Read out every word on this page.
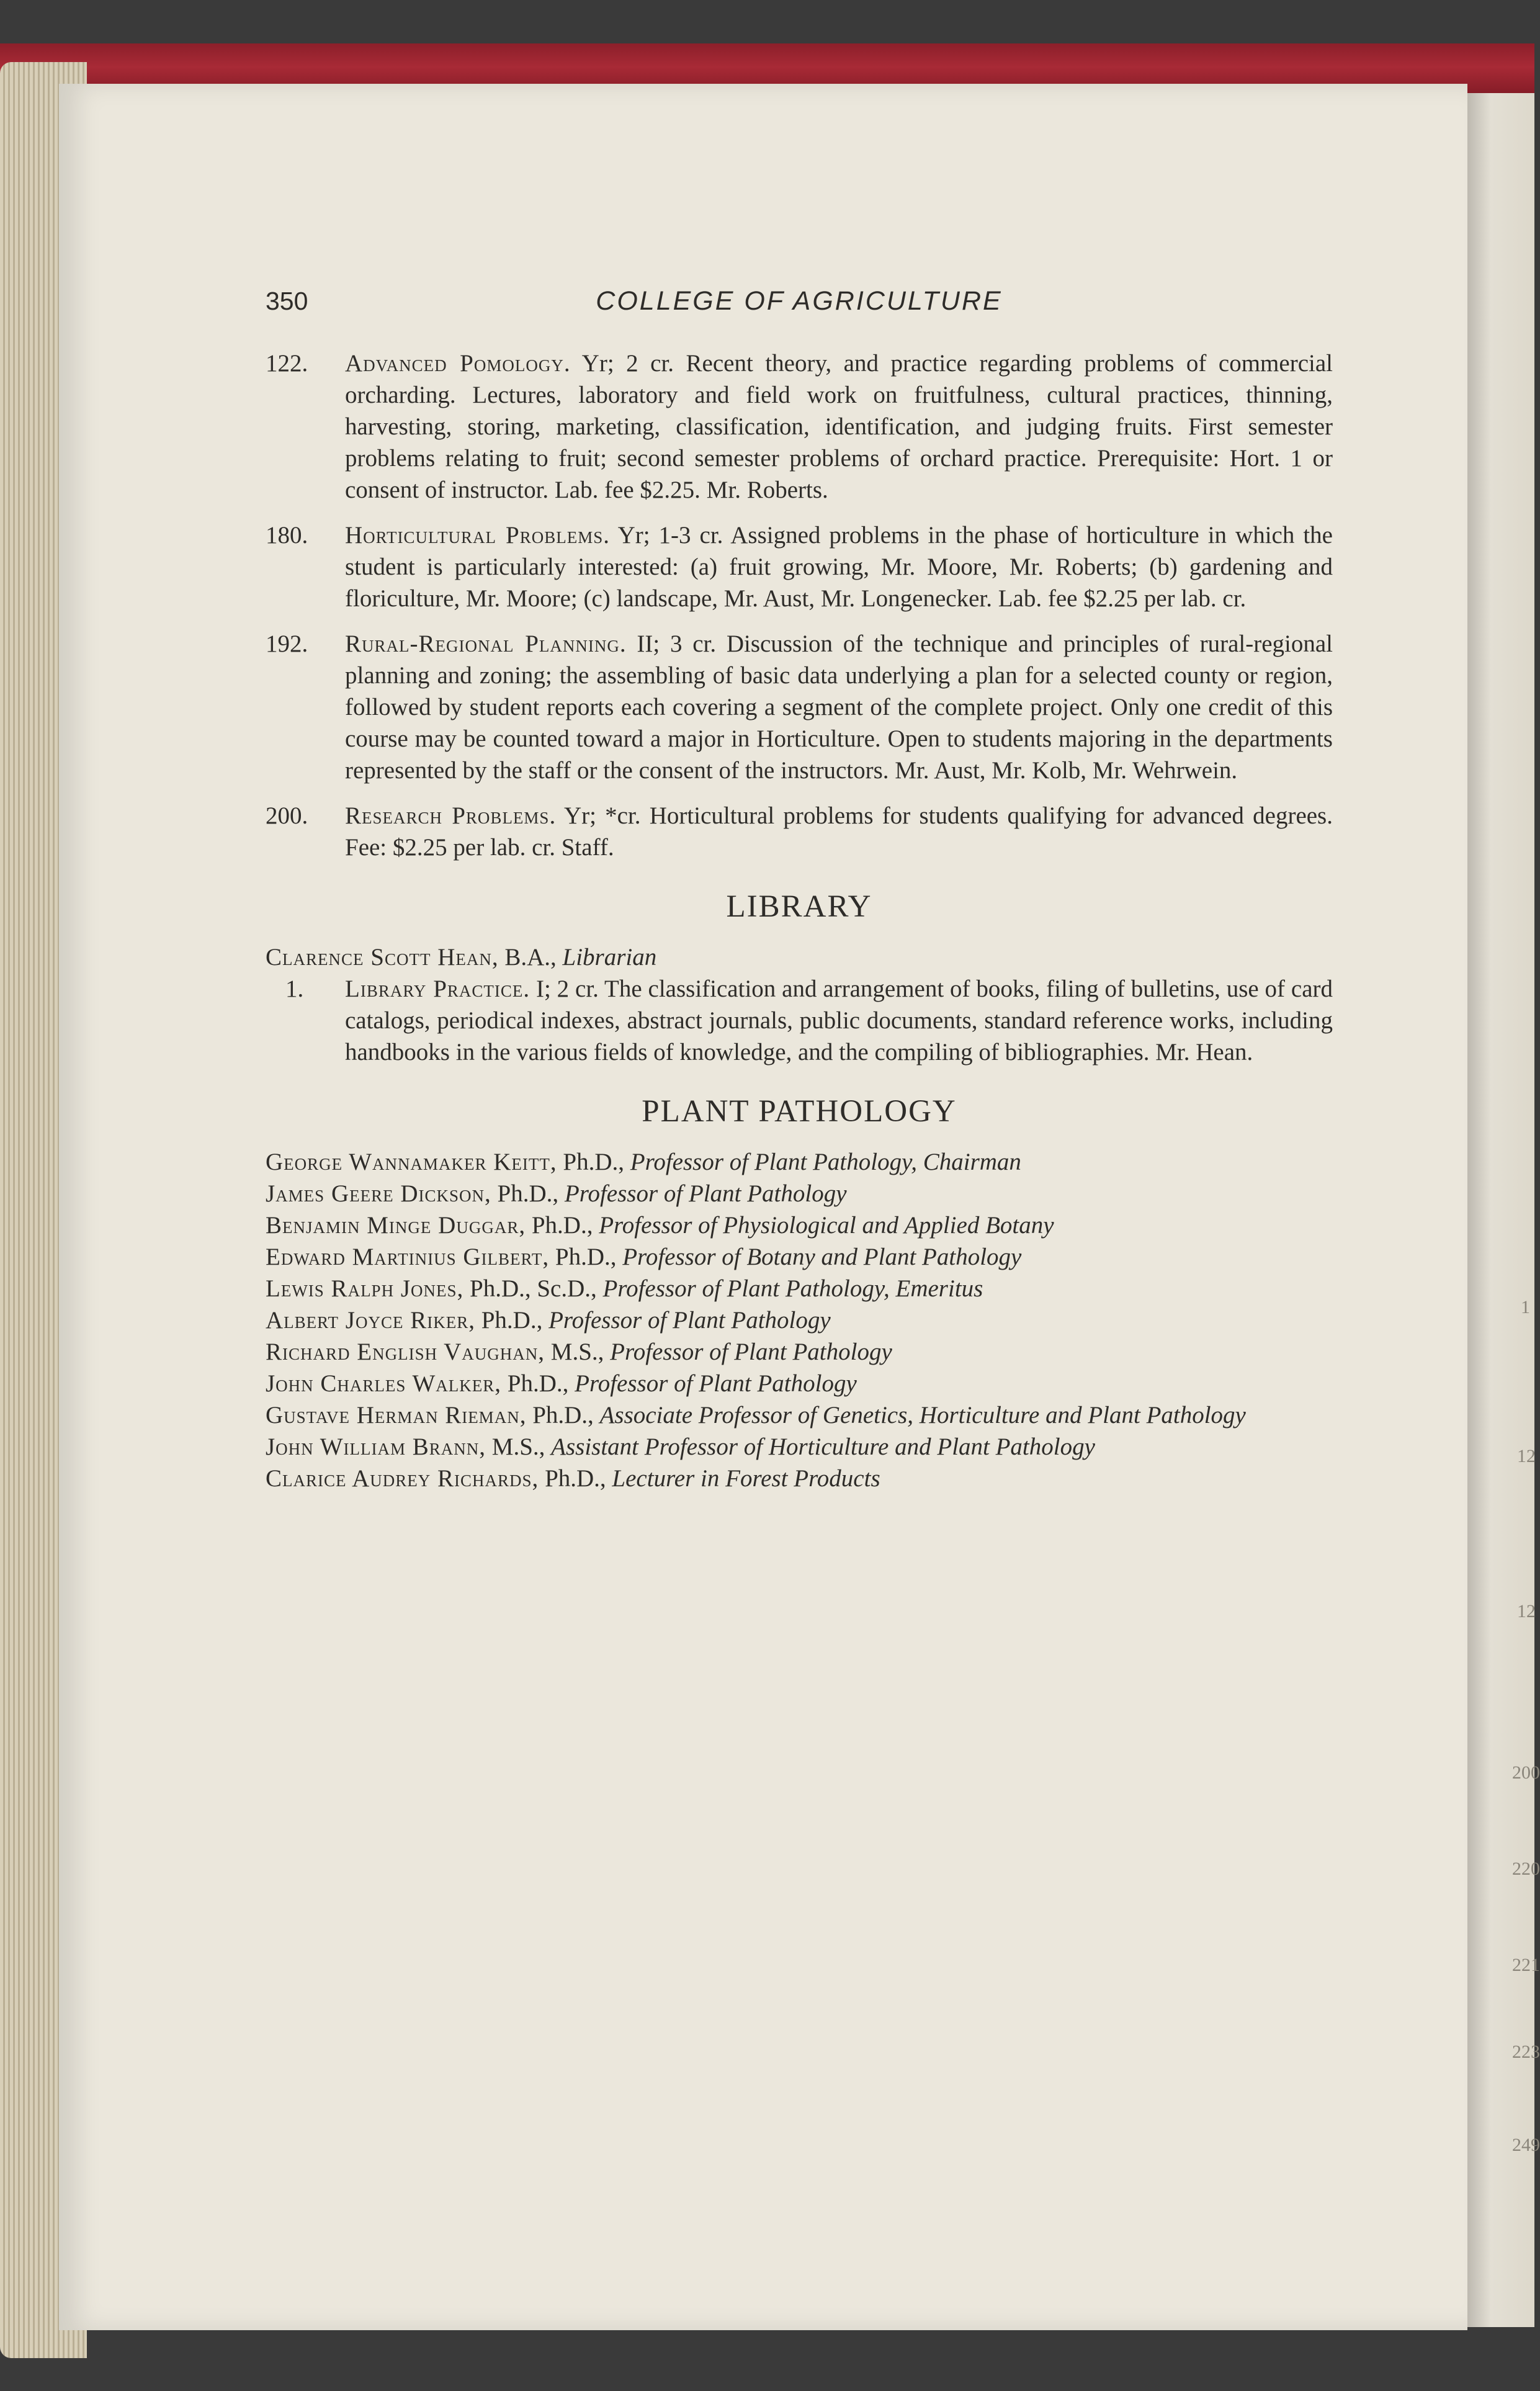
1
12
12
200
220
221
223
249
350	COLLEGE OF AGRICULTURE
122. Advanced Pomology. Yr; 2 cr. Recent theory, and practice regarding problems of commercial orcharding. Lectures, laboratory and field work on fruitfulness, cultural practices, thinning, harvesting, storing, marketing, classification, identification, and judging fruits. First semester problems relating to fruit; second semester problems of orchard practice. Prerequisite: Hort. 1 or consent of instructor. Lab. fee $2.25. Mr. Roberts.
180. Horticultural Problems. Yr; 1-3 cr. Assigned problems in the phase of horticulture in which the student is particularly interested: (a) fruit growing, Mr. Moore, Mr. Roberts; (b) gardening and floriculture, Mr. Moore; (c) landscape, Mr. Aust, Mr. Longenecker. Lab. fee $2.25 per lab. cr.
192. Rural-Regional Planning. II; 3 cr. Discussion of the technique and principles of rural-regional planning and zoning; the assembling of basic data underlying a plan for a selected county or region, followed by student reports each covering a segment of the complete project. Only one credit of this course may be counted toward a major in Horticulture. Open to students majoring in the departments represented by the staff or the consent of the instructors. Mr. Aust, Mr. Kolb, Mr. Wehrwein.
200. Research Problems. Yr; *cr. Horticultural problems for students qualifying for advanced degrees. Fee: $2.25 per lab. cr. Staff.
LIBRARY
Clarence Scott Hean, B.A., Librarian
1. Library Practice. I; 2 cr. The classification and arrangement of books, filing of bulletins, use of card catalogs, periodical indexes, abstract journals, public documents, standard reference works, including handbooks in the various fields of knowledge, and the compiling of bibliographies. Mr. Hean.
PLANT PATHOLOGY
George Wannamaker Keitt, Ph.D., Professor of Plant Pathology, Chairman
James Geere Dickson, Ph.D., Professor of Plant Pathology
Benjamin Minge Duggar, Ph.D., Professor of Physiological and Applied Botany
Edward Martinius Gilbert, Ph.D., Professor of Botany and Plant Pathology
Lewis Ralph Jones, Ph.D., Sc.D., Professor of Plant Pathology, Emeritus
Albert Joyce Riker, Ph.D., Professor of Plant Pathology
Richard English Vaughan, M.S., Professor of Plant Pathology
John Charles Walker, Ph.D., Professor of Plant Pathology
Gustave Herman Rieman, Ph.D., Associate Professor of Genetics, Horticulture and Plant Pathology
John William Brann, M.S., Assistant Professor of Horticulture and Plant Pathology
Clarice Audrey Richards, Ph.D., Lecturer in Forest Products
